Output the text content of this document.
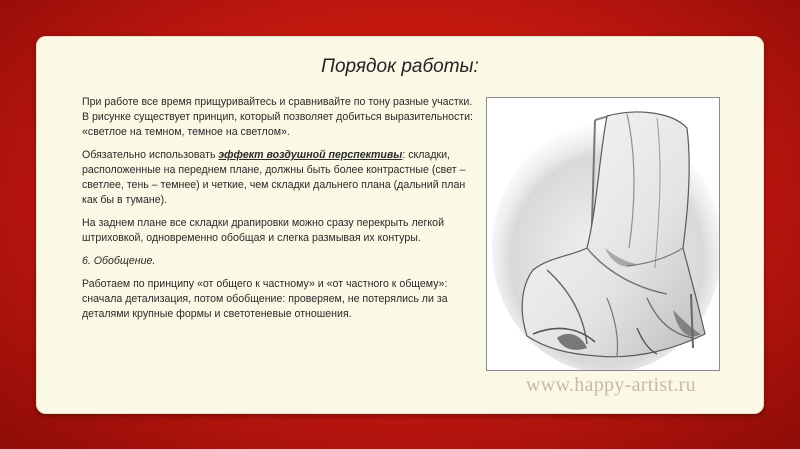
Порядок работы:

При работе все время прищуривайтесь и сравнивайте по тону разные участки. В рисунке существует принцип, который позволяет добиться выразительности: «светлое на темном, темное на светлом».

Обязательно использовать эффект воздушной перспективы: складки, расположенные на переднем плане, должны быть более контрастные (свет – светлее, тень – темнее) и четкие, чем складки дальнего плана (дальний план как бы в тумане).

На заднем плане все складки драпировки можно сразу перекрыть легкой штриховкой, одновременно обобщая и слегка размывая их контуры.

6. Обобщение.

Работаем по принципу «от общего к частному» и «от частного к общему»: сначала детализация, потом обобщение: проверяем, не потерялись ли за деталями крупные формы и светотеневые отношения.

www.happy-artist.ru
